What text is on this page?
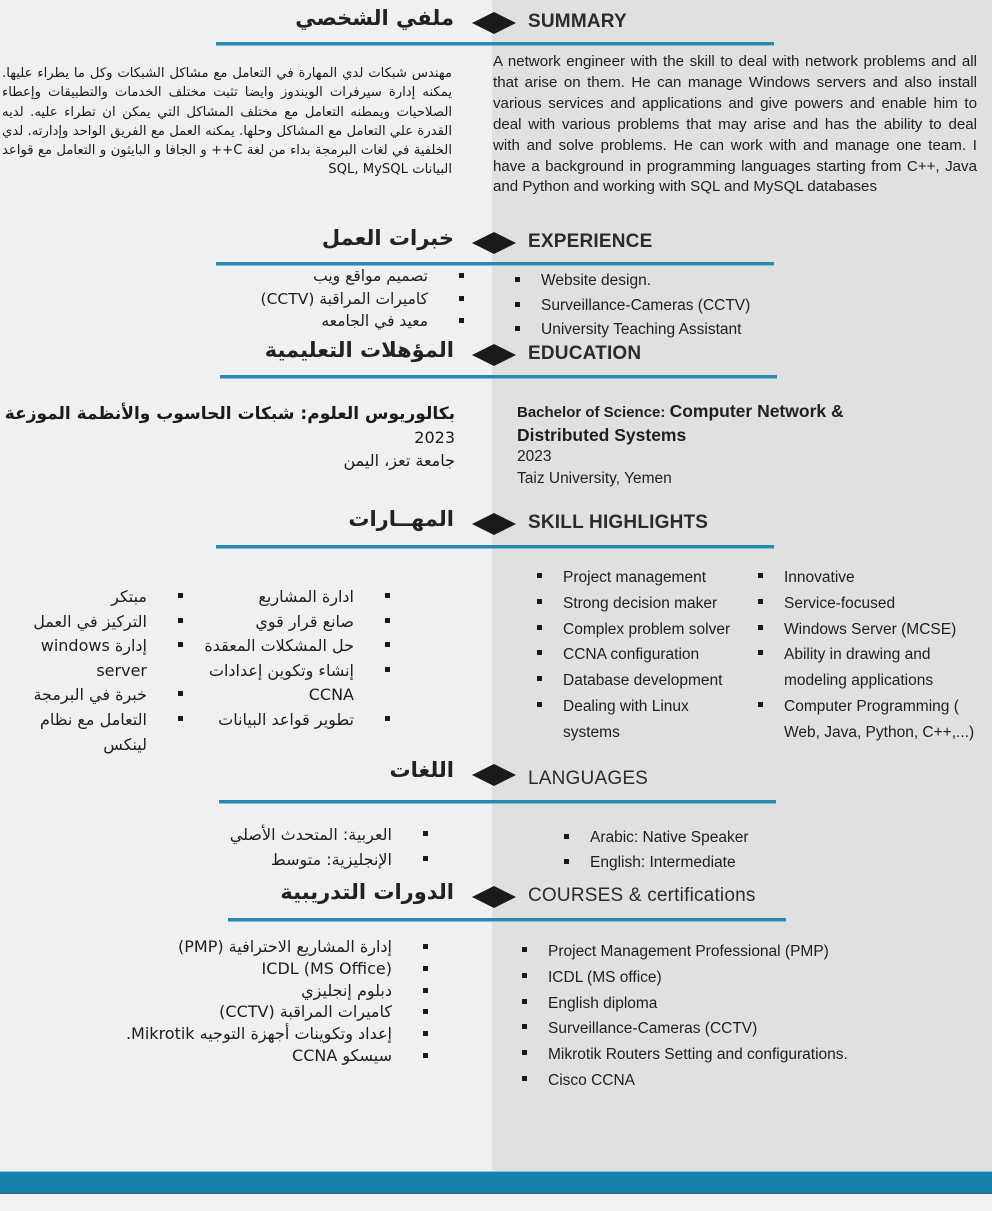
ملفي الشخصي	SUMMARY
مهندس شبكات لدي المهارة في التعامل مع مشاكل الشبكات وكل ما يطراء عليها. يمكنه إدارة سيرفرات الويندوز وايضا تثبت مختلف الخدمات والتطبيقات وإعطاء الصلاحيات ويمطنه التعامل مع مختلف المشاكل التي يمكن ان تطراء عليه. لديه القدرة علي التعامل مع المشاكل وحلها. يمكنه العمل مع الفريق الواحد وإدارته. لدي الخلفية في لغات البرمجة بداء من لغة C++ و الجافا و البايثون و التعامل مع قواعد البيانات SQL, MySQL
A network engineer with the skill to deal with network problems and all that arise on them. He can manage Windows servers and also install various services and applications and give powers and enable him to deal with various problems that may arise and has the ability to deal with and solve problems. He can work with and manage one team. I have a background in programming languages starting from C++, Java and Python and working with SQL and MySQL databases
خبرات العمل	EXPERIENCE
تصميم مواقع ويب
كاميرات المراقبة (CCTV)
معيد في الجامعه
Website design.
Surveillance-Cameras (CCTV)
University Teaching Assistant
المؤهلات التعليمية	EDUCATION
بكالوريوس العلوم: شبكات الحاسوب والأنظمة الموزعة
2023
جامعة تعز، اليمن
Bachelor of Science: Computer Network & Distributed Systems
2023
Taiz University, Yemen
المهــارات	SKILL HIGHLIGHTS
Project management
Strong decision maker
Complex problem solver
CCNA configuration
Database development
Dealing with Linux systems
Innovative
Service-focused
Windows Server (MCSE)
Ability in drawing and modeling applications
Computer Programming ( Web, Java, Python, C++,...)
ادارة المشاريع
صانع قرار قوي
حل المشكلات المعقدة
إنشاء وتكوين إعدادات CCNA
تطوير قواعد البيانات
مبتكر
التركيز في العمل
إدارة windows server
خبرة في البرمجة
التعامل مع نظام لينكس
اللغات	LANGUAGES
العربية: المتحدث الأصلي
الإنجليزية: متوسط
Arabic: Native Speaker
English: Intermediate
الدورات التدريبية	COURSES & certifications
إدارة المشاريع الاحترافية (PMP)
ICDL (MS Office)
دبلوم إنجليزي
كاميرات المراقبة (CCTV)
إعداد وتكوينات أجهزة التوجيه Mikrotik.
سيسكو CCNA
Project Management Professional (PMP)
ICDL (MS office)
English diploma
Surveillance-Cameras (CCTV)
Mikrotik Routers Setting and configurations.
Cisco CCNA
